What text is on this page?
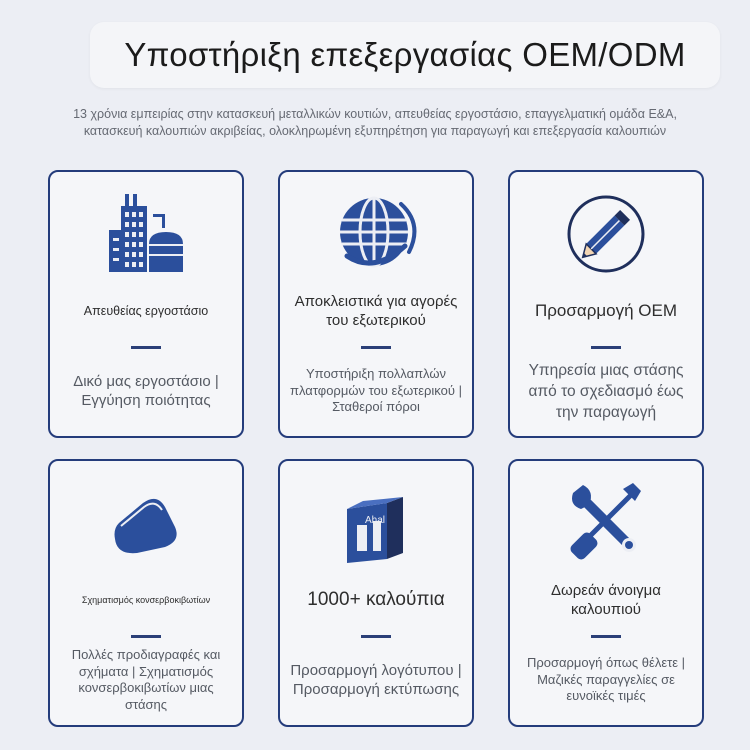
Υποστήριξη επεξεργασίας OEM/ODM
13 χρόνια εμπειρίας στην κατασκευή μεταλλικών κουτιών, απευθείας εργοστάσιο, επαγγελματική ομάδα Ε&Α,
κατασκευή καλουπιών ακριβείας, ολοκληρωμένη εξυπηρέτηση για παραγωγή και επεξεργασία καλουπιών
Απευθείας εργοστάσιο
Δικό μας εργοστάσιο | Εγγύηση ποιότητας
Αποκλειστικά για αγορές του εξωτερικού
Υποστήριξη πολλαπλών πλατφορμών του εξωτερικού | Σταθεροί πόροι
Προσαρμογή OEM
Υπηρεσία μιας στάσης από το σχεδιασμό έως την παραγωγή
Σχηματισμός κονσερβοκιβωτίων
Πολλές προδιαγραφές και σχήματα | Σχηματισμός κονσερβοκιβωτίων μιας στάσης
Ahal
1000+ καλούπια
Προσαρμογή λογότυπου | Προσαρμογή εκτύπωσης
Δωρεάν άνοιγμα καλουπιού
Προσαρμογή όπως θέλετε | Μαζικές παραγγελίες σε ευνοϊκές τιμές
